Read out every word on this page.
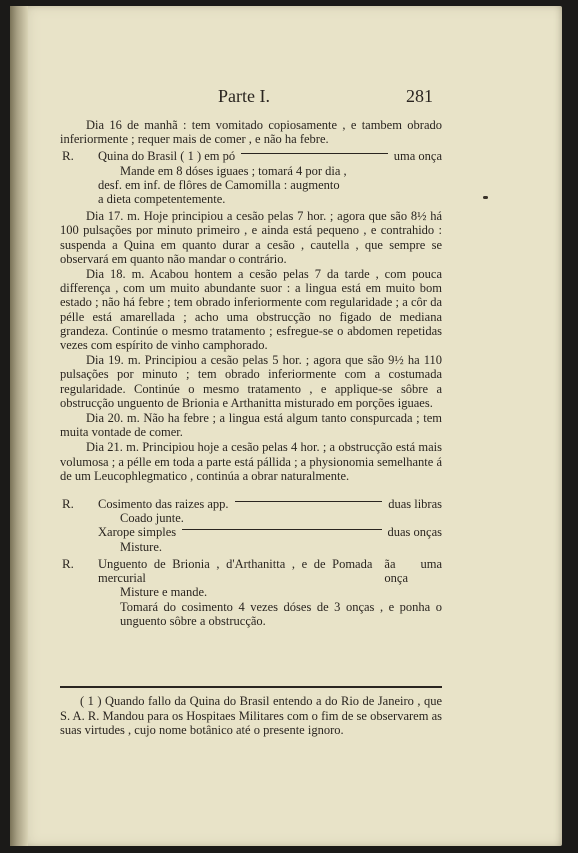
Parte I.	281

Dia 16 de manhã : tem vomitado copiosamente , e tambem obrado inferiormente ; requer mais de comer , e não ha febre.

R.	Quina do Brasil ( 1 ) em pó	uma onça
Mande em 8 dóses iguaes ; tomará 4 por dia ,
desf. em inf. de flôres de Camomilla : augmento
a dieta competentemente.

Dia 17. m. Hoje principiou a cesão pelas 7 hor. ; agora que são 8½ há 100 pulsações por minuto primeiro , e ainda está pequeno , e contrahido : suspenda a Quina em quanto durar a cesão , cautella , que sempre se observará em quanto não mandar o contrário.

Dia 18. m. Acabou hontem a cesão pelas 7 da tarde , com pouca differença , com um muito abundante suor : a lingua está em muito bom estado ; não há febre ; tem obrado inferiormente com regularidade ; a côr da pélle está amarellada ; acho uma obstrucção no figado de mediana grandeza. Continúe o mesmo tratamento ; esfregue-se o abdomen repetidas vezes com espírito de vinho camphorado.

Dia 19. m. Principiou a cesão pelas 5 hor. ; agora que são 9½ ha 110 pulsações por minuto ; tem obrado inferiormente com a costumada regularidade. Continúe o mesmo tratamento , e applique-se sôbre a obstrucção unguento de Brionia e Arthanitta misturado em porções iguaes.

Dia 20. m. Não ha febre ; a lingua está algum tanto conspurcada ; tem muita vontade de comer.

Dia 21. m. Principiou hoje a cesão pelas 4 hor. ; a obstrucção está mais volumosa ; a pélle em toda a parte está pállida ; a physionomia semelhante á de um Leucophlegmatico , continúa a obrar naturalmente.

R.	Cosimento das raizes app.	duas libras
Coado junte.
Xarope simples	duas onças
Misture.
R.	Unguento de Brionia , d'Arthanitta , e de Pomada mercurial
ãa uma onça
Misture e mande.
Tomará do cosimento 4 vezes dóses de 3 onças , e ponha o unguento sôbre a obstrucção.
( 1 ) Quando fallo da Quina do Brasil entendo a do Rio de Janeiro , que S. A. R. Mandou para os Hospitaes Militares com o fim de se observarem as suas virtudes , cujo nome botânico até o presente ignoro.
